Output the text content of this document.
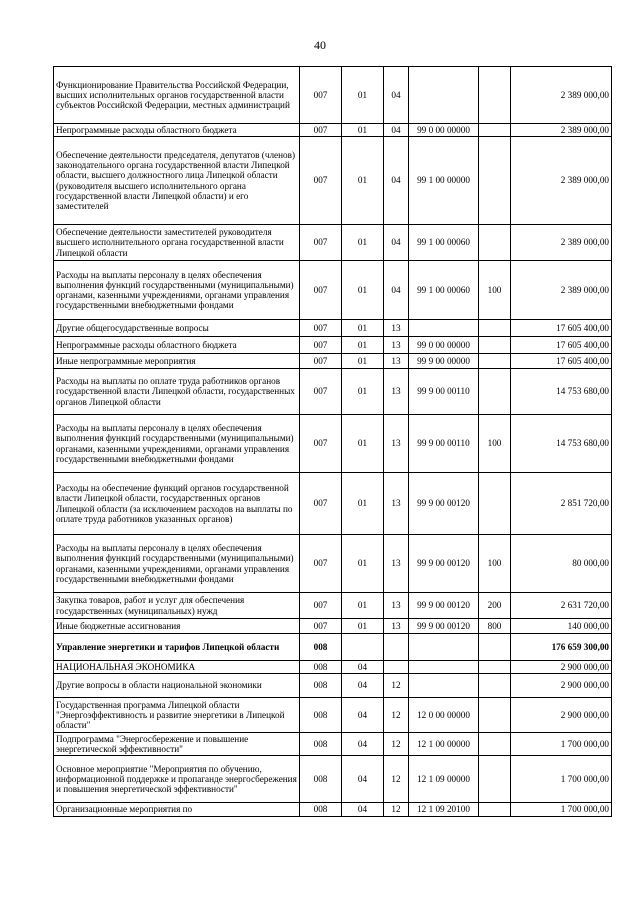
40
Функционирование Правительства Российской Федерации, высших исполнительных органов государственной власти субъектов Российской Федерации, местных администраций	007	01	04			2 389 000,00
Непрограммные расходы областного бюджета	007	01	04	99 0 00 00000		2 389 000,00
Обеспечение деятельности председателя, депутатов (членов) законодательного органа государственной власти Липецкой области, высшего должностного лица Липецкой области (руководителя высшего исполнительного органа государственной власти Липецкой области) и его заместителей	007	01	04	99 1 00 00000		2 389 000,00
Обеспечение деятельности заместителей руководителя высшего исполнительного органа государственной власти Липецкой области	007	01	04	99 1 00 00060		2 389 000,00
Расходы на выплаты персоналу в целях обеспечения выполнения функций государственными (муниципальными) органами, казенными учреждениями, органами управления государственными внебюджетными фондами	007	01	04	99 1 00 00060	100	2 389 000,00
Другие общегосударственные вопросы	007	01	13			17 605 400,00
Непрограммные расходы областного бюджета	007	01	13	99 0 00 00000		17 605 400,00
Иные непрограммные мероприятия	007	01	13	99 9 00 00000		17 605 400,00
Расходы на выплаты по оплате труда работников органов государственной власти Липецкой области, государственных органов Липецкой области	007	01	13	99 9 00 00110		14 753 680,00
Расходы на выплаты персоналу в целях обеспечения выполнения функций государственными (муниципальными) органами, казенными учреждениями, органами управления государственными внебюджетными фондами	007	01	13	99 9 00 00110	100	14 753 680,00
Расходы на обеспечение функций органов государственной власти Липецкой области, государственных органов Липецкой области (за исключением расходов на выплаты по оплате труда работников указанных органов)	007	01	13	99 9 00 00120		2 851 720,00
Расходы на выплаты персоналу в целях обеспечения выполнения функций государственными (муниципальными) органами, казенными учреждениями, органами управления государственными внебюджетными фондами	007	01	13	99 9 00 00120	100	80 000,00
Закупка товаров, работ и услуг для обеспечения государственных (муниципальных) нужд	007	01	13	99 9 00 00120	200	2 631 720,00
Иные бюджетные ассигнования	007	01	13	99 9 00 00120	800	140 000,00
Управление энергетики и тарифов Липецкой области	008					176 659 300,00
НАЦИОНАЛЬНАЯ ЭКОНОМИКА	008	04				2 900 000,00
Другие вопросы в области национальной экономики	008	04	12			2 900 000,00
Государственная программа Липецкой области "Энергоэффективность и развитие энергетики в Липецкой области"	008	04	12	12 0 00 00000		2 900 000,00
Подпрограмма "Энергосбережение и повышение энергетической эффективности"	008	04	12	12 1 00 00000		1 700 000,00
Основное мероприятие "Мероприятия по обучению, информационной поддержке и пропаганде энергосбережения и повышения энергетической эффективности"	008	04	12	12 1 09 00000		1 700 000,00
Организационные мероприятия по	008	04	12	12 1 09 20100		1 700 000,00
